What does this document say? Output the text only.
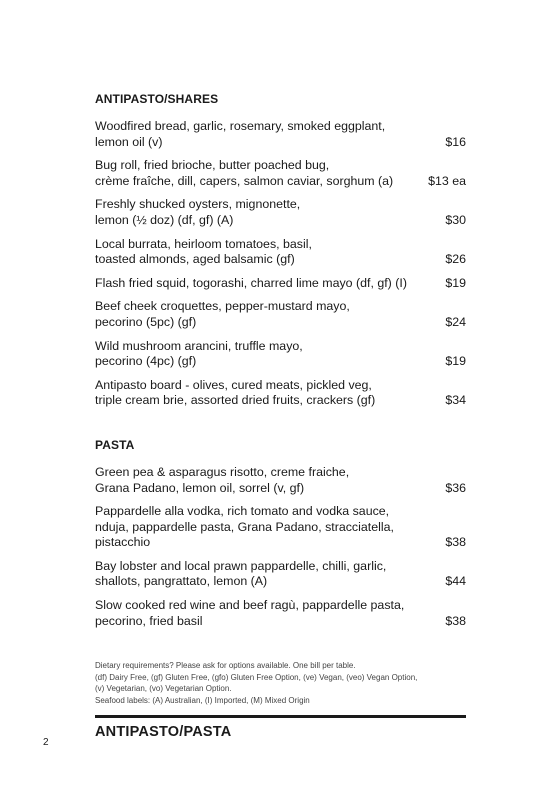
ANTIPASTO/SHARES
Woodfired bread, garlic, rosemary, smoked eggplant,
lemon oil (v)	$16
Bug roll, fried brioche, butter poached bug,
crème fraîche, dill, capers, salmon caviar, sorghum (a)	$13 ea
Freshly shucked oysters, mignonette,
lemon (½ doz) (df, gf) (A)	$30
Local burrata, heirloom tomatoes, basil,
toasted almonds, aged balsamic (gf)	$26
Flash fried squid, togorashi, charred lime mayo (df, gf) (I)	$19
Beef cheek croquettes, pepper-mustard mayo,
pecorino (5pc) (gf)	$24
Wild mushroom arancini, truffle mayo,
pecorino (4pc) (gf)	$19
Antipasto board - olives, cured meats, pickled veg,
triple cream brie, assorted dried fruits, crackers (gf)	$34
PASTA
Green pea & asparagus risotto, creme fraiche,
Grana Padano, lemon oil, sorrel (v, gf)	$36
Pappardelle alla vodka, rich tomato and vodka sauce,
nduja, pappardelle pasta, Grana Padano, stracciatella,
pistacchio	$38
Bay lobster and local prawn pappardelle, chilli, garlic,
shallots, pangrattato, lemon (A)	$44
Slow cooked red wine and beef ragù, pappardelle pasta,
pecorino, fried basil	$38
Dietary requirements? Please ask for options available. One bill per table.
(df) Dairy Free, (gf) Gluten Free, (gfo) Gluten Free Option, (ve) Vegan, (veo) Vegan Option,
(v) Vegetarian, (vo) Vegetarian Option.
Seafood labels: (A) Australian, (I) Imported, (M) Mixed Origin
ANTIPASTO/PASTA
2
